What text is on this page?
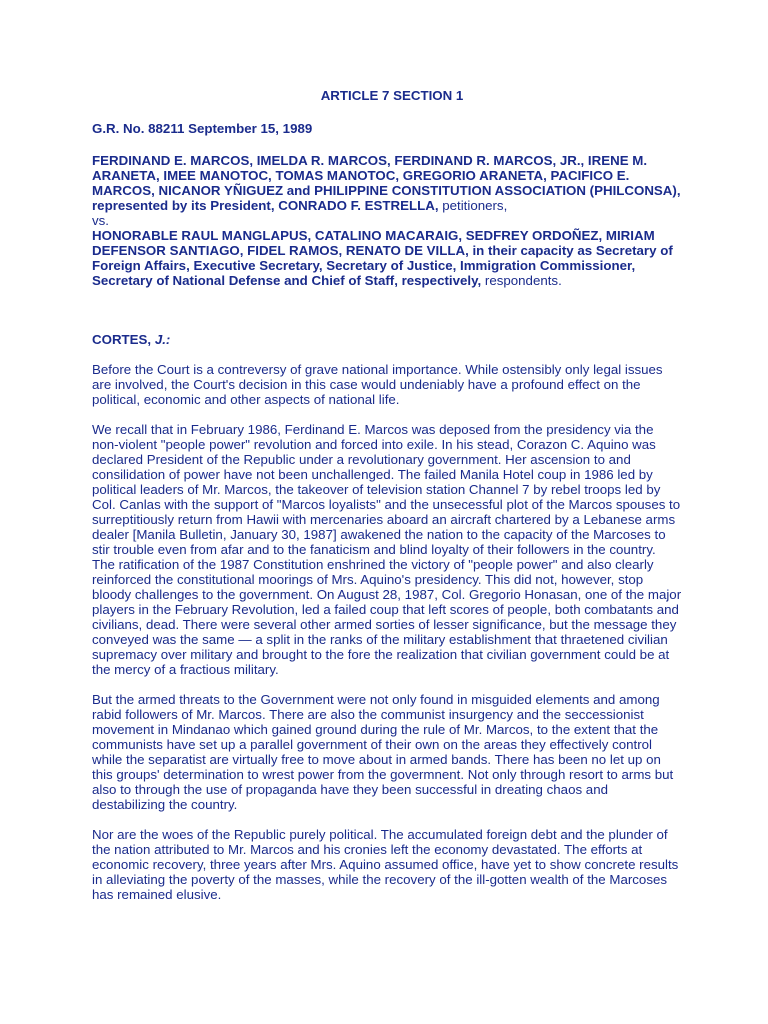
ARTICLE 7 SECTION 1
G.R. No. 88211 September 15, 1989
FERDINAND E. MARCOS, IMELDA R. MARCOS, FERDINAND R. MARCOS, JR., IRENE M. ARANETA, IMEE MANOTOC, TOMAS MANOTOC, GREGORIO ARANETA, PACIFICO E. MARCOS, NICANOR YÑIGUEZ and PHILIPPINE CONSTITUTION ASSOCIATION (PHILCONSA), represented by its President, CONRADO F. ESTRELLA, petitioners,
vs.
HONORABLE RAUL MANGLAPUS, CATALINO MACARAIG, SEDFREY ORDOÑEZ, MIRIAM DEFENSOR SANTIAGO, FIDEL RAMOS, RENATO DE VILLA, in their capacity as Secretary of Foreign Affairs, Executive Secretary, Secretary of Justice, Immigration Commissioner, Secretary of National Defense and Chief of Staff, respectively, respondents.
CORTES, J.:

Before the Court is a contreversy of grave national importance. While ostensibly only legal issues are involved, the Court's decision in this case would undeniably have a profound effect on the political, economic and other aspects of national life.

We recall that in February 1986, Ferdinand E. Marcos was deposed from the presidency via the non-violent "people power" revolution and forced into exile. In his stead, Corazon C. Aquino was declared President of the Republic under a revolutionary government. Her ascension to and consilidation of power have not been unchallenged. The failed Manila Hotel coup in 1986 led by political leaders of Mr. Marcos, the takeover of television station Channel 7 by rebel troops led by Col. Canlas with the support of "Marcos loyalists" and the unsecessful plot of the Marcos spouses to surreptitiously return from Hawii with mercenaries aboard an aircraft chartered by a Lebanese arms dealer [Manila Bulletin, January 30, 1987] awakened the nation to the capacity of the Marcoses to stir trouble even from afar and to the fanaticism and blind loyalty of their followers in the country. The ratification of the 1987 Constitution enshrined the victory of "people power" and also clearly reinforced the constitutional moorings of Mrs. Aquino's presidency. This did not, however, stop bloody challenges to the government. On August 28, 1987, Col. Gregorio Honasan, one of the major players in the February Revolution, led a failed coup that left scores of people, both combatants and civilians, dead. There were several other armed sorties of lesser significance, but the message they conveyed was the same — a split in the ranks of the military establishment that thraetened civilian supremacy over military and brought to the fore the realization that civilian government could be at the mercy of a fractious military.

But the armed threats to the Government were not only found in misguided elements and among rabid followers of Mr. Marcos. There are also the communist insurgency and the seccessionist movement in Mindanao which gained ground during the rule of Mr. Marcos, to the extent that the communists have set up a parallel government of their own on the areas they effectively control while the separatist are virtually free to move about in armed bands. There has been no let up on this groups' determination to wrest power from the govermnent. Not only through resort to arms but also to through the use of propaganda have they been successful in dreating chaos and destabilizing the country.

Nor are the woes of the Republic purely political. The accumulated foreign debt and the plunder of the nation attributed to Mr. Marcos and his cronies left the economy devastated. The efforts at economic recovery, three years after Mrs. Aquino assumed office, have yet to show concrete results in alleviating the poverty of the masses, while the recovery of the ill-gotten wealth of the Marcoses has remained elusive.
